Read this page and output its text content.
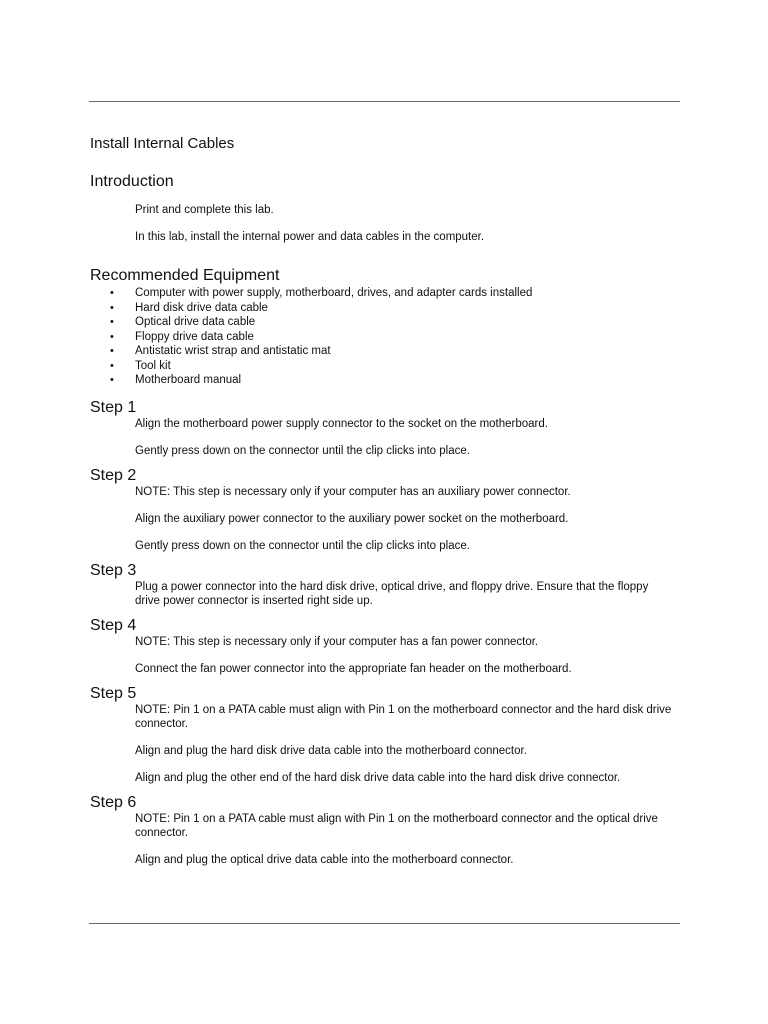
Install Internal Cables
Introduction

Print and complete this lab.

In this lab, install the internal power and data cables in the computer.

Recommended Equipment
• Computer with power supply, motherboard, drives, and adapter cards installed
• Hard disk drive data cable
• Optical drive data cable
• Floppy drive data cable
• Antistatic wrist strap and antistatic mat
• Tool kit
• Motherboard manual
Step 1

Align the motherboard power supply connector to the socket on the motherboard.

Gently press down on the connector until the clip clicks into place.

Step 2

NOTE: This step is necessary only if your computer has an auxiliary power connector.

Align the auxiliary power connector to the auxiliary power socket on the motherboard.

Gently press down on the connector until the clip clicks into place.

Step 3

Plug a power connector into the hard disk drive, optical drive, and floppy drive. Ensure that the floppy drive power connector is inserted right side up.

Step 4

NOTE: This step is necessary only if your computer has a fan power connector.

Connect the fan power connector into the appropriate fan header on the motherboard.

Step 5

NOTE: Pin 1 on a PATA cable must align with Pin 1 on the motherboard connector and the hard disk drive connector.

Align and plug the hard disk drive data cable into the motherboard connector.

Align and plug the other end of the hard disk drive data cable into the hard disk drive connector.

Step 6

NOTE: Pin 1 on a PATA cable must align with Pin 1 on the motherboard connector and the optical drive connector.

Align and plug the optical drive data cable into the motherboard connector.
